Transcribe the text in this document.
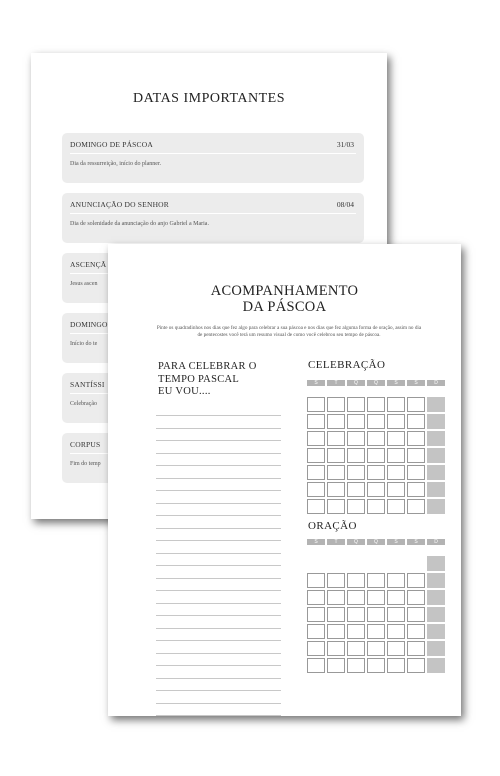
DATAS IMPORTANTES
DOMINGO DE PÁSCOA	31/03
Dia da ressurreição, início do planner.
ANUNCIAÇÃO DO SENHOR	08/04
Dia de solenidade da anunciação do anjo Gabriel a Maria.
ASCENÇÃ
Jesus ascen
DOMINGO
Início do te
SANTÍSSI
Celebração
CORPUS
Fim do temp
ACOMPANHAMENTO
DA PÁSCOA
Pinte os quadradinhos nos dias que fez algo para celebrar a sua páscoa e nos dias que fez alguma forma de oração, assim no dia de pentecostes você terá um resumo visual de como você celebrou seu tempo de páscoa.
PARA CELEBRAR O
TEMPO PASCAL
EU VOU....
CELEBRAÇÃO
S	T	Q	Q	S	S	D
ORAÇÃO
S	T	Q	Q	S	S	D
